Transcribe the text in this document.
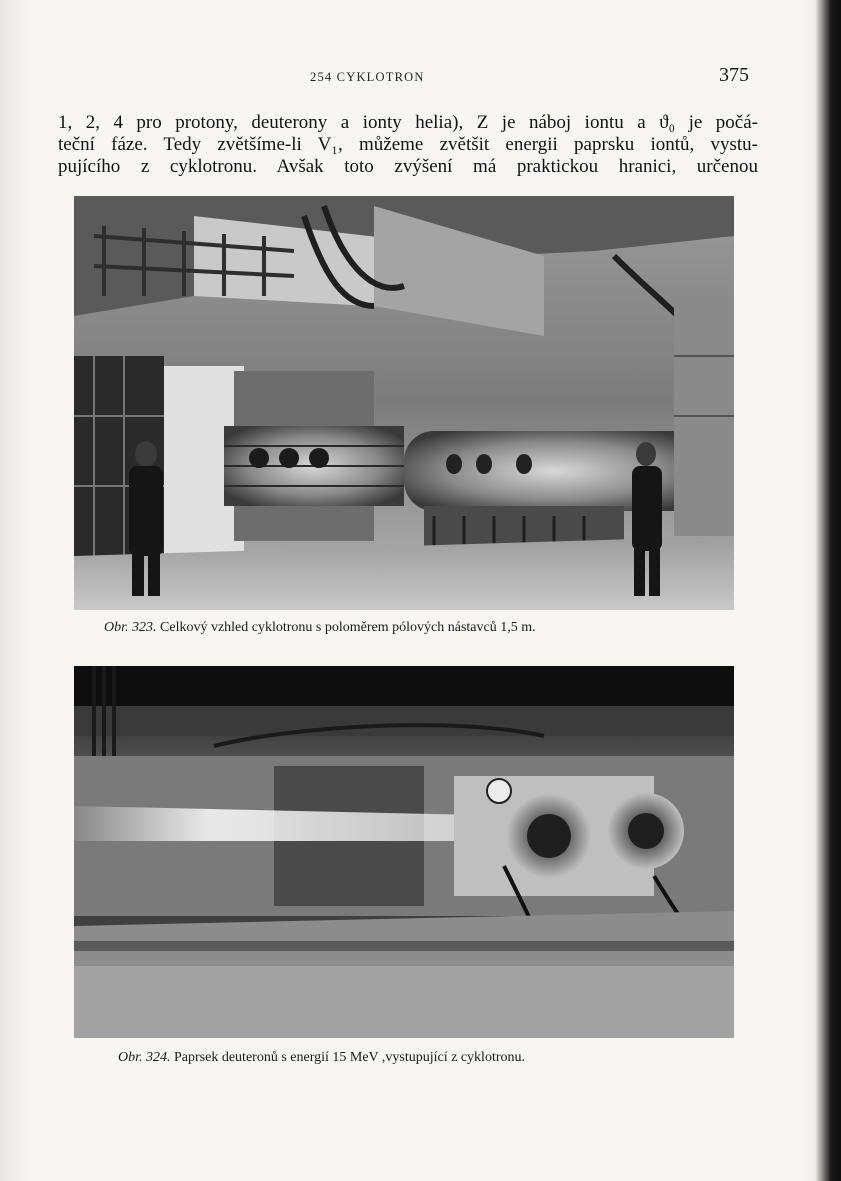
254 CYKLOTRON	375

1, 2, 4 pro protony, deuterony a ionty helia), Z je náboj iontu a ϑ₀ je počá-

teční fáze. Tedy zvětšíme-li V₁, můžeme zvětšit energii paprsku iontů, vystu-

pujícího z cyklotronu. Avšak toto zvýšení má praktickou hranici, určenou

Obr. 323. Celkový vzhled cyklotronu s poloměrem pólových nástavců 1,5 m.
Obr. 324. Paprsek deuteronů s energií 15 MeV ,vystupující z cyklotronu.
